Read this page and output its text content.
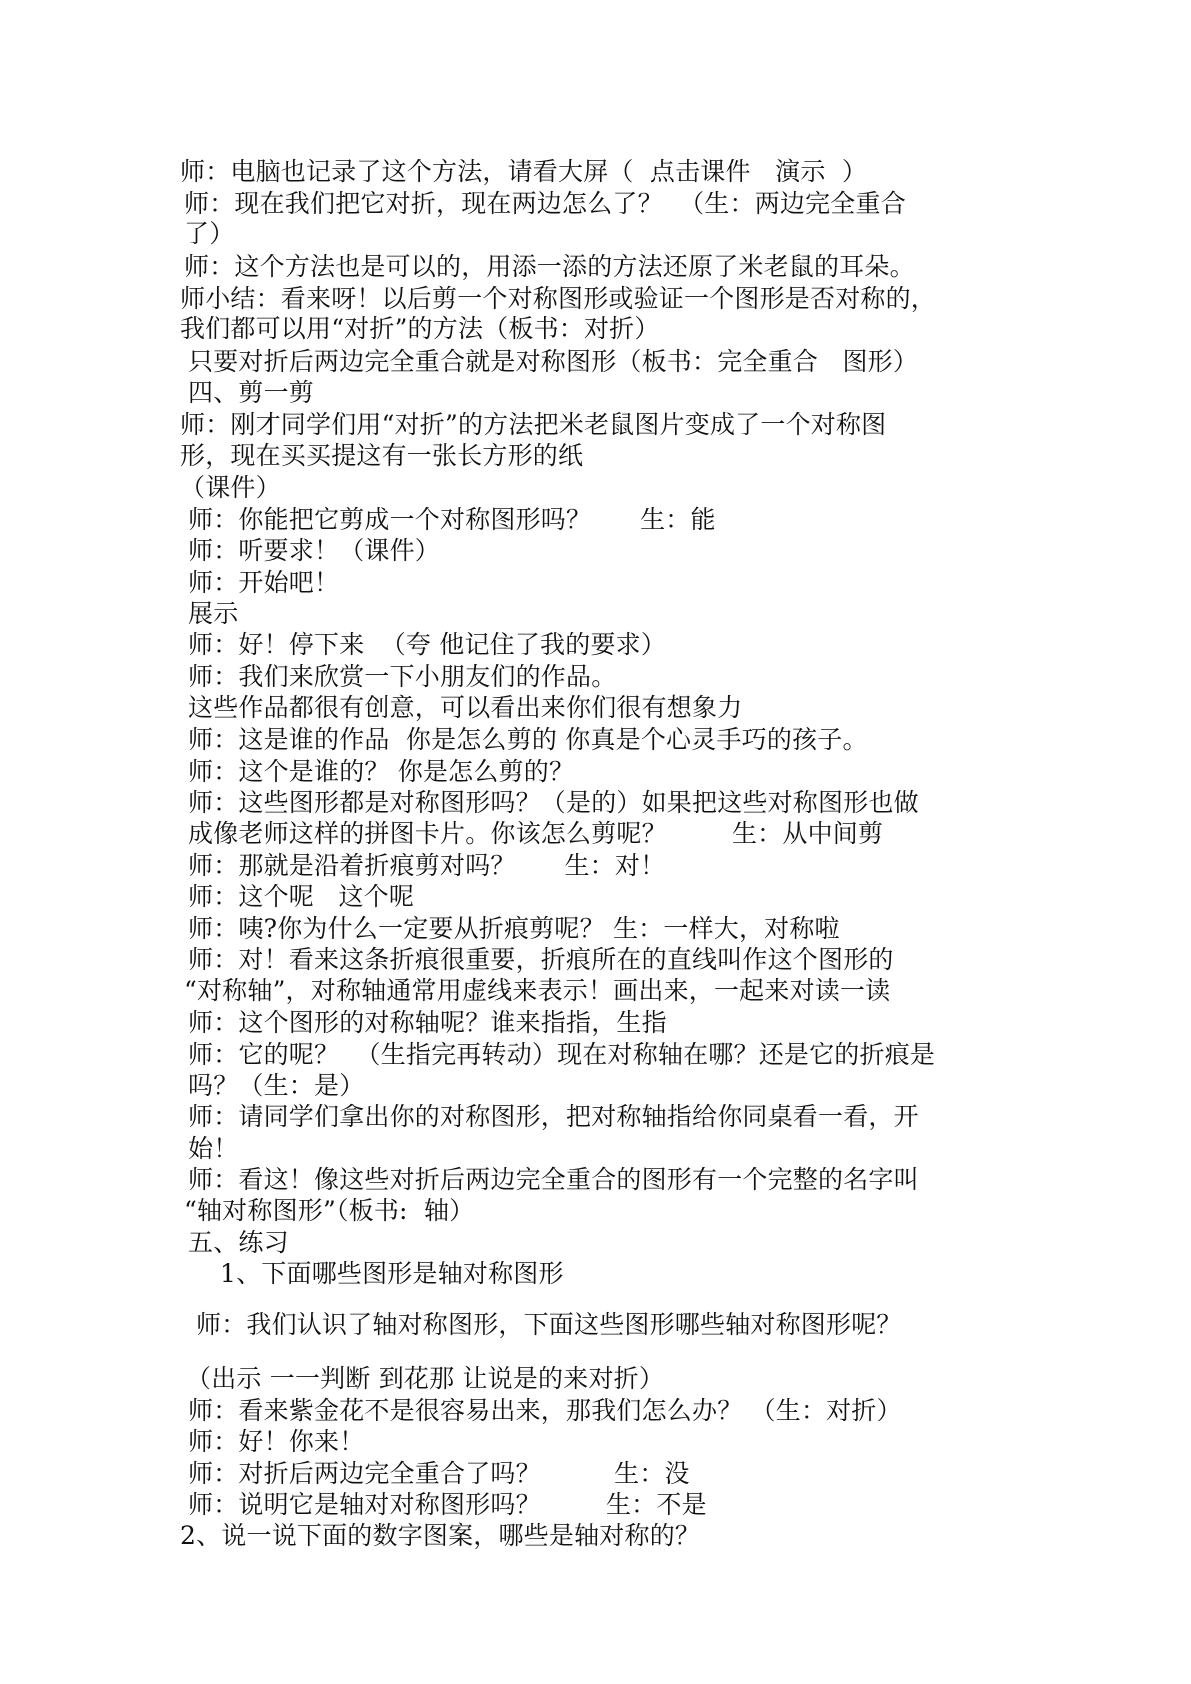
师：电脑也记录了这个方法，请看大屏（  点击课件   演示  ）
师：现在我们把它对折，现在两边怎么了？  （生：两边完全重合
了）
师：这个方法也是可以的，用添一添的方法还原了米老鼠的耳朵。
师小结：看来呀！以后剪一个对称图形或验证一个图形是否对称的，
我们都可以用“对折”的方法（板书：对折）
只要对折后两边完全重合就是对称图形（板书：完全重合   图形）
四、剪一剪
师：刚才同学们用“对折”的方法把米老鼠图片变成了一个对称图
形，现在买买提这有一张长方形的纸
（课件）
师：你能把它剪成一个对称图形吗？      生：能
师：听要求！（课件）
师：开始吧！
展示
师：好！停下来  （夸 他记住了我的要求）
师：我们来欣赏一下小朋友们的作品。
这些作品都很有创意，可以看出来你们很有想象力
师：这是谁的作品  你是怎么剪的 你真是个心灵手巧的孩子。
师：这个是谁的？ 你是怎么剪的？
师：这些图形都是对称图形吗？（是的）如果把这些对称图形也做
成像老师这样的拼图卡片。你该怎么剪呢？        生：从中间剪
师：那就是沿着折痕剪对吗？      生：对！
师：这个呢   这个呢
师：咦?你为什么一定要从折痕剪呢？ 生：一样大，对称啦
师：对！看来这条折痕很重要，折痕所在的直线叫作这个图形的
“对称轴”，对称轴通常用虚线来表示！画出来，一起来对读一读
师：这个图形的对称轴呢？谁来指指，生指
师：它的呢？  （生指完再转动）现在对称轴在哪？还是它的折痕是
吗？（生：是）
师：请同学们拿出你的对称图形，把对称轴指给你同桌看一看，开
始！
师：看这！像这些对折后两边完全重合的图形有一个完整的名字叫
“轴对称图形”（板书:  轴）
五、练习
1、下面哪些图形是轴对称图形
师：我们认识了轴对称图形，下面这些图形哪些轴对称图形呢？
（出示 一一判断 到花那 让说是的来对折）
师：看来紫金花不是很容易出来，那我们怎么办？ （生：对折）
师：好！你来！
师：对折后两边完全重合了吗？         生：没
师：说明它是轴对对称图形吗？        生：不是
2、说一说下面的数字图案，哪些是轴对称的？
